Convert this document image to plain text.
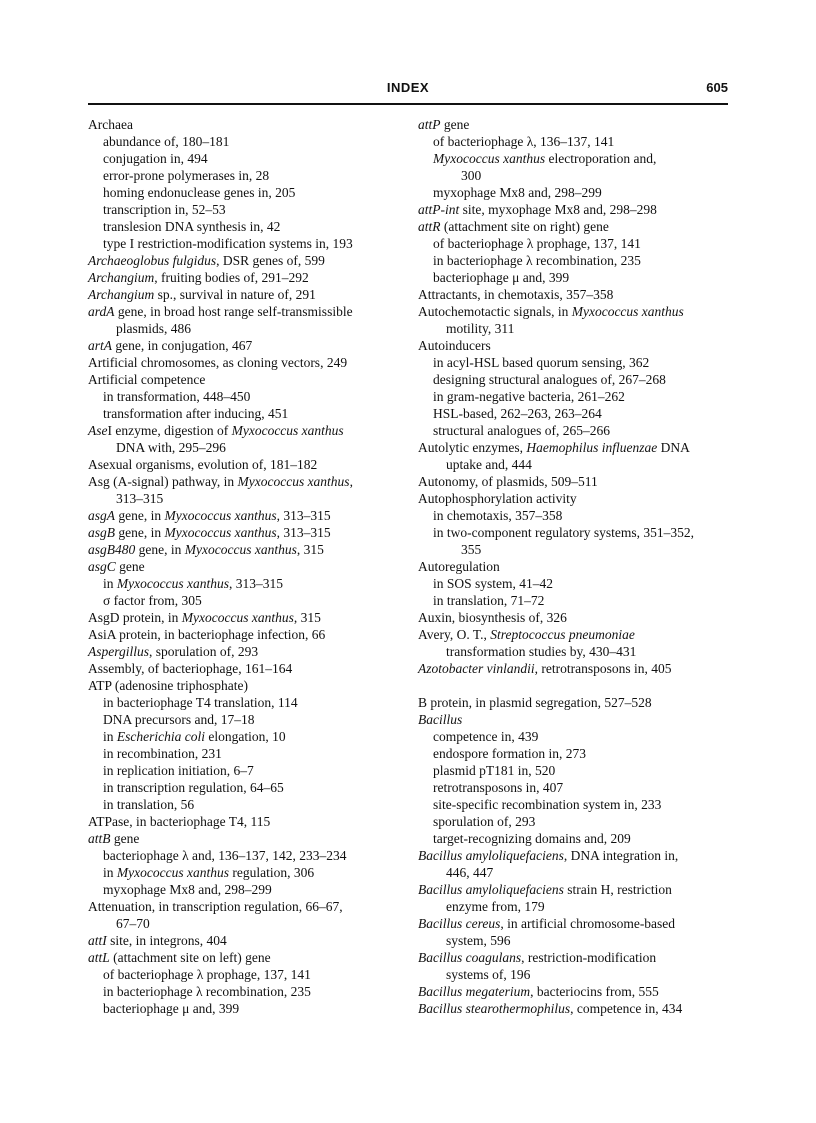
INDEX	605
Archaea
abundance of, 180–181
conjugation in, 494
error-prone polymerases in, 28
homing endonuclease genes in, 205
transcription in, 52–53
translesion DNA synthesis in, 42
type I restriction-modification systems in, 193
Archaeoglobus fulgidus, DSR genes of, 599
Archangium, fruiting bodies of, 291–292
Archangium sp., survival in nature of, 291
ardA gene, in broad host range self-transmissible
plasmids, 486
artA gene, in conjugation, 467
Artificial chromosomes, as cloning vectors, 249
Artificial competence
in transformation, 448–450
transformation after inducing, 451
AseI enzyme, digestion of Myxococcus xanthus
DNA with, 295–296
Asexual organisms, evolution of, 181–182
Asg (A-signal) pathway, in Myxococcus xanthus,
313–315
asgA gene, in Myxococcus xanthus, 313–315
asgB gene, in Myxococcus xanthus, 313–315
asgB480 gene, in Myxococcus xanthus, 315
asgC gene
in Myxococcus xanthus, 313–315
σ factor from, 305
AsgD protein, in Myxococcus xanthus, 315
AsiA protein, in bacteriophage infection, 66
Aspergillus, sporulation of, 293
Assembly, of bacteriophage, 161–164
ATP (adenosine triphosphate)
in bacteriophage T4 translation, 114
DNA precursors and, 17–18
in Escherichia coli elongation, 10
in recombination, 231
in replication initiation, 6–7
in transcription regulation, 64–65
in translation, 56
ATPase, in bacteriophage T4, 115
attB gene
bacteriophage λ and, 136–137, 142, 233–234
in Myxococcus xanthus regulation, 306
myxophage Mx8 and, 298–299
Attenuation, in transcription regulation, 66–67,
67–70
attI site, in integrons, 404
attL (attachment site on left) gene
of bacteriophage λ prophage, 137, 141
in bacteriophage λ recombination, 235
bacteriophage μ and, 399
attP gene
of bacteriophage λ, 136–137, 141
Myxococcus xanthus electroporation and,
300
myxophage Mx8 and, 298–299
attP-int site, myxophage Mx8 and, 298–298
attR (attachment site on right) gene
of bacteriophage λ prophage, 137, 141
in bacteriophage λ recombination, 235
bacteriophage μ and, 399
Attractants, in chemotaxis, 357–358
Autochemotactic signals, in Myxococcus xanthus
motility, 311
Autoinducers
in acyl-HSL based quorum sensing, 362
designing structural analogues of, 267–268
in gram-negative bacteria, 261–262
HSL-based, 262–263, 263–264
structural analogues of, 265–266
Autolytic enzymes, Haemophilus influenzae DNA
uptake and, 444
Autonomy, of plasmids, 509–511
Autophosphorylation activity
in chemotaxis, 357–358
in two-component regulatory systems, 351–352,
355
Autoregulation
in SOS system, 41–42
in translation, 71–72
Auxin, biosynthesis of, 326
Avery, O. T., Streptococcus pneumoniae
transformation studies by, 430–431
Azotobacter vinlandii, retrotransposons in, 405
B protein, in plasmid segregation, 527–528
Bacillus
competence in, 439
endospore formation in, 273
plasmid pT181 in, 520
retrotransposons in, 407
site-specific recombination system in, 233
sporulation of, 293
target-recognizing domains and, 209
Bacillus amyloliquefaciens, DNA integration in,
446, 447
Bacillus amyloliquefaciens strain H, restriction
enzyme from, 179
Bacillus cereus, in artificial chromosome-based
system, 596
Bacillus coagulans, restriction-modification
systems of, 196
Bacillus megaterium, bacteriocins from, 555
Bacillus stearothermophilus, competence in, 434
